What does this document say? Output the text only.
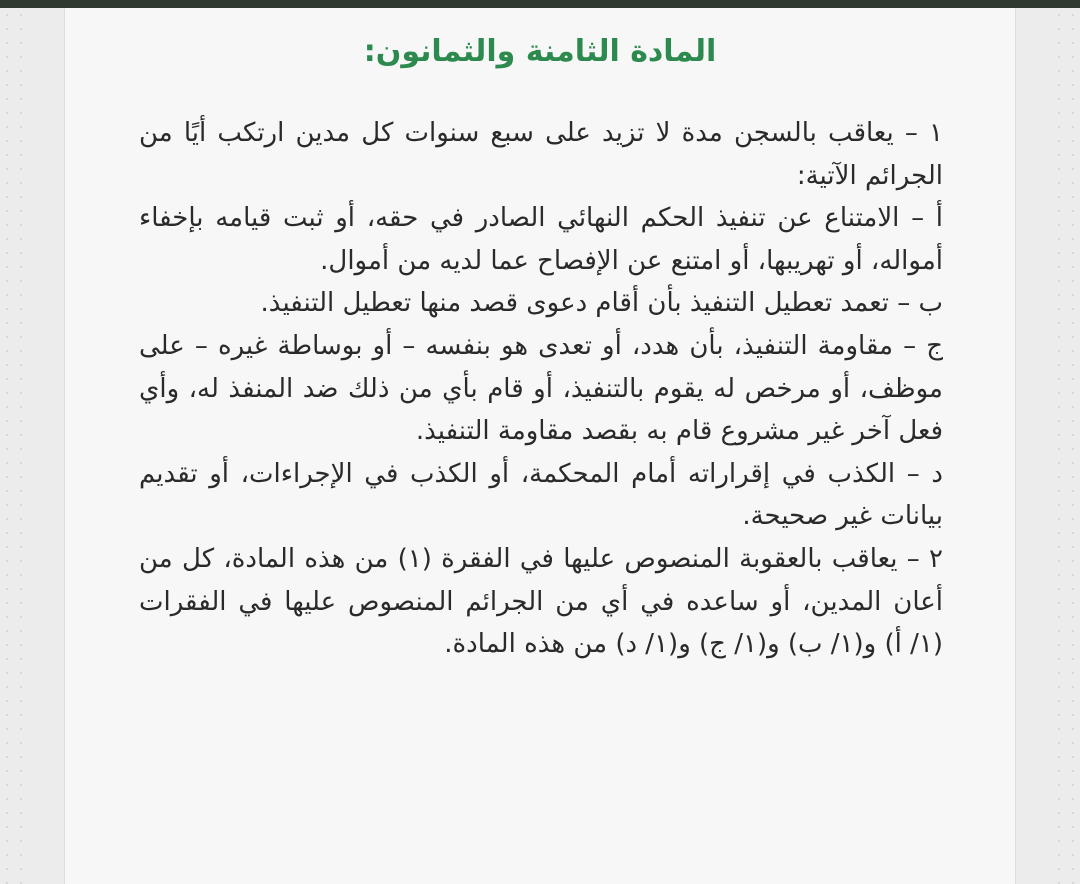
المادة الثامنة والثمانون:

١ – يعاقب بالسجن مدة لا تزيد على سبع سنوات كل مدين ارتكب أيًا من الجرائم الآتية:

أ – الامتناع عن تنفيذ الحكم النهائي الصادر في حقه، أو ثبت قيامه بإخفاء أمواله، أو تهريبها، أو امتنع عن الإفصاح عما لديه من أموال.

ب – تعمد تعطيل التنفيذ بأن أقام دعوى قصد منها تعطيل التنفيذ.

ج – مقاومة التنفيذ، بأن هدد، أو تعدى هو بنفسه – أو بوساطة غيره – على موظف، أو مرخص له يقوم بالتنفيذ، أو قام بأي من ذلك ضد المنفذ له، وأي فعل آخر غير مشروع قام به بقصد مقاومة التنفيذ.

د – الكذب في إقراراته أمام المحكمة، أو الكذب في الإجراءات، أو تقديم بيانات غير صحيحة.

٢ – يعاقب بالعقوبة المنصوص عليها في الفقرة (١) من هذه المادة، كل من أعان المدين، أو ساعده في أي من الجرائم المنصوص عليها في الفقرات (١/ أ) و(١/ ب) و(١/ ج) و(١/ د) من هذه المادة.
